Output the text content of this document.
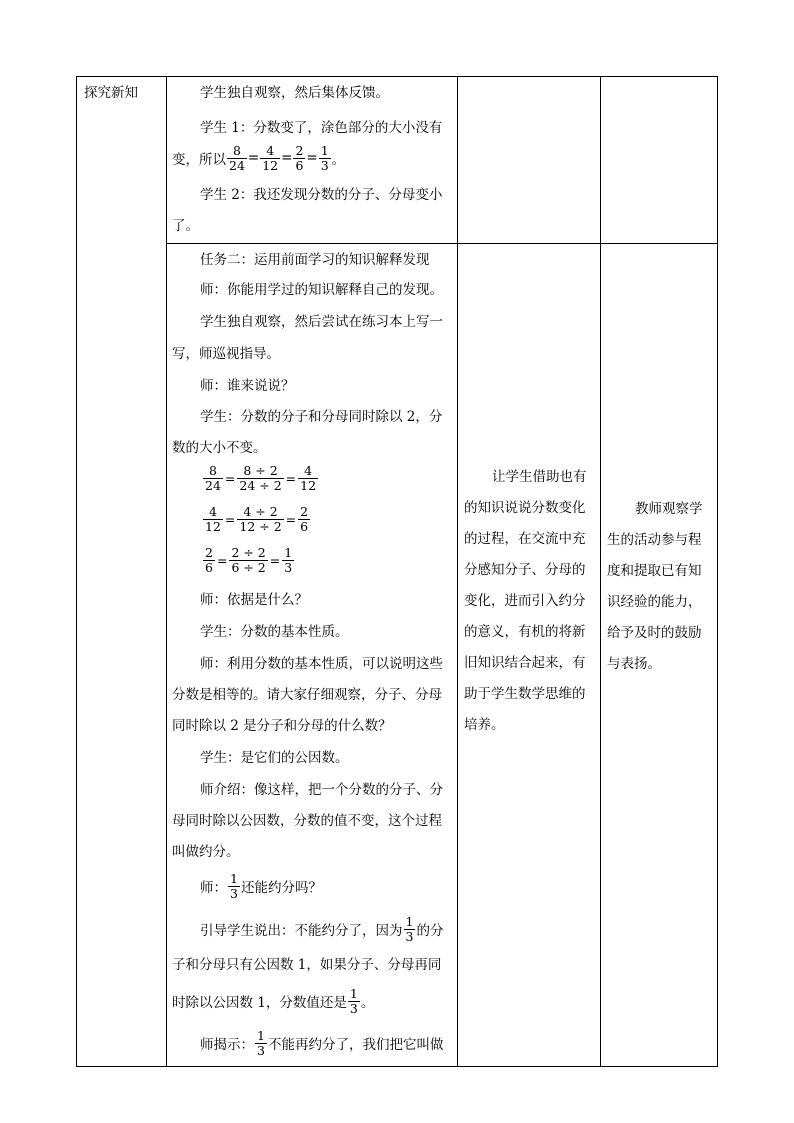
探究新知	学生独自观察，然后集体反馈。
学生 1：分数变了，涂色部分的大小没有
变，所以 $\frac{8}{24} = \frac{4}{12} = \frac{2}{6} = \frac{1}{3}$ 。
学生 2：我还发现分数的分子、分母变小
了。
任务二：运用前面学习的知识解释发现
师：你能用学过的知识解释自己的发现。
学生独自观察，然后尝试在练习本上写一
写，师巡视指导。
师：谁来说说？
学生：分数的分子和分母同时除以 2，分
数的大小不变。
$\frac{8}{24} = \frac{8 \div 2}{24 \div 2} = \frac{4}{12}$
$\frac{4}{12} = \frac{4 \div 2}{12 \div 2} = \frac{2}{6}$
$\frac{2}{6} = \frac{2 \div 2}{6 \div 2} = \frac{1}{3}$
师：依据是什么？
学生：分数的基本性质。
师：利用分数的基本性质，可以说明这些
分数是相等的。请大家仔细观察，分子、分母
同时除以 2 是分子和分母的什么数？
学生：是它们的公因数。
师介绍：像这样，把一个分数的分子、分
母同时除以公因数，分数的值不变，这个过程
叫做约分。
师： $\frac{1}{3}$ 还能约分吗？
引导学生说出：不能约分了，因为 $\frac{1}{3}$ 的分
子和分母只有公因数 1，如果分子、分母再同
时除以公因数 1，分数值还是 $\frac{1}{3}$ 。
师揭示： $\frac{1}{3}$ 不能再约分了，我们把它叫做
让学生借助也有
的知识说说分数变化
的过程，在交流中充
分感知分子、分母的
变化，进而引入约分
的意义，有机的将新
旧知识结合起来，有
助于学生数学思维的
培养。
教师观察学
生的活动参与程
度和提取已有知
识经验的能力，
给予及时的鼓励
与表扬。
